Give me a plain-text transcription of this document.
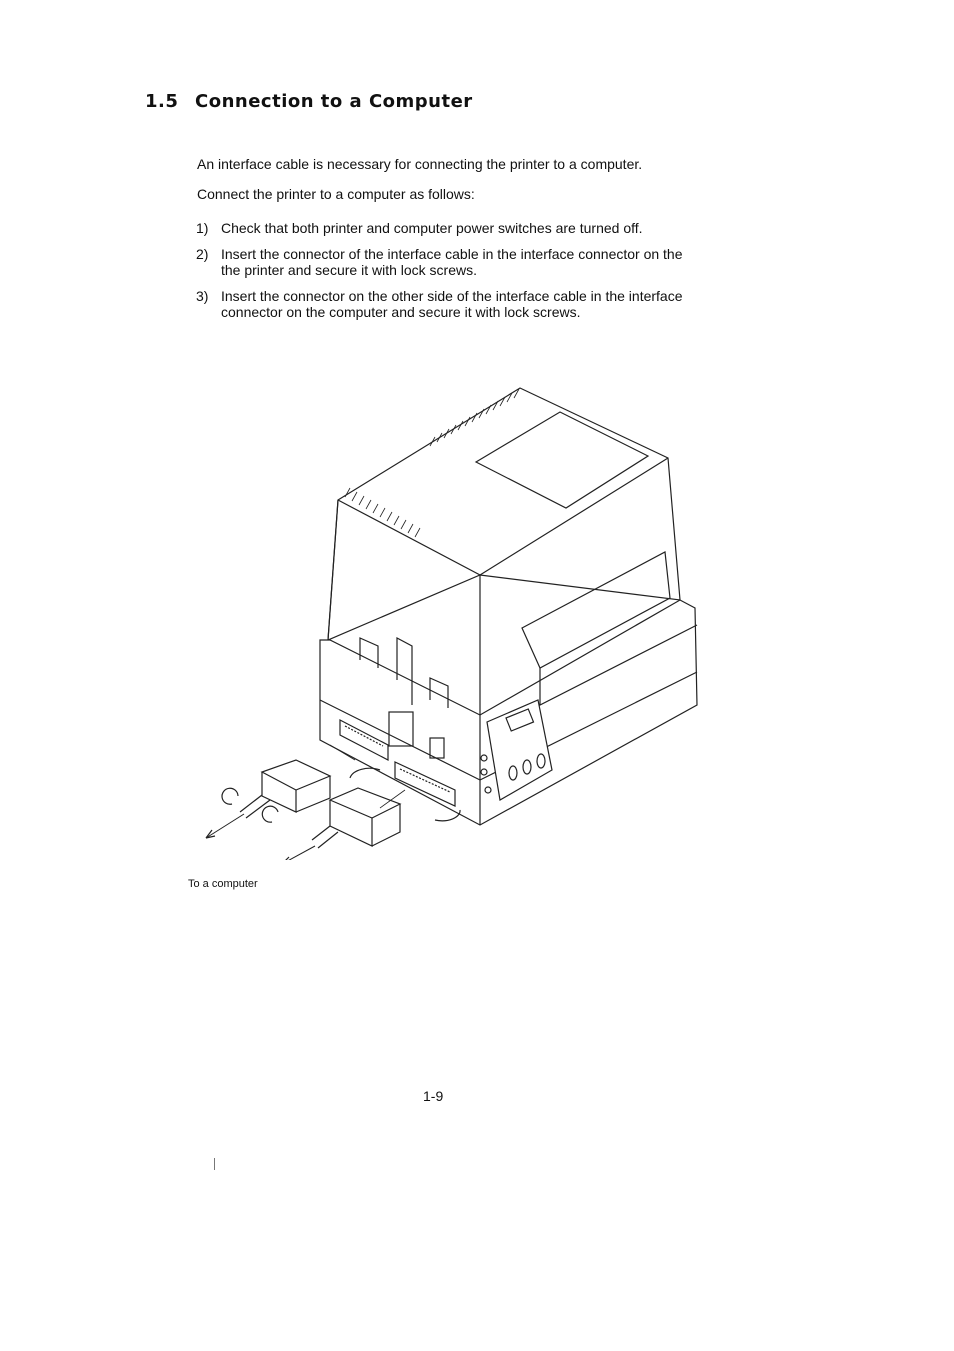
1.5 Connection to a Computer

An interface cable is necessary for connecting the printer to a computer.

Connect the printer to a computer as follows:

1) Check that both printer and computer power switches are turned off.
2) Insert the connector of the interface cable in the interface connector on the
the printer and secure it with lock screws.
3) Insert the connector on the other side of the interface cable in the interface
connector on the computer and secure it with lock screws.
To a computer
1-9
